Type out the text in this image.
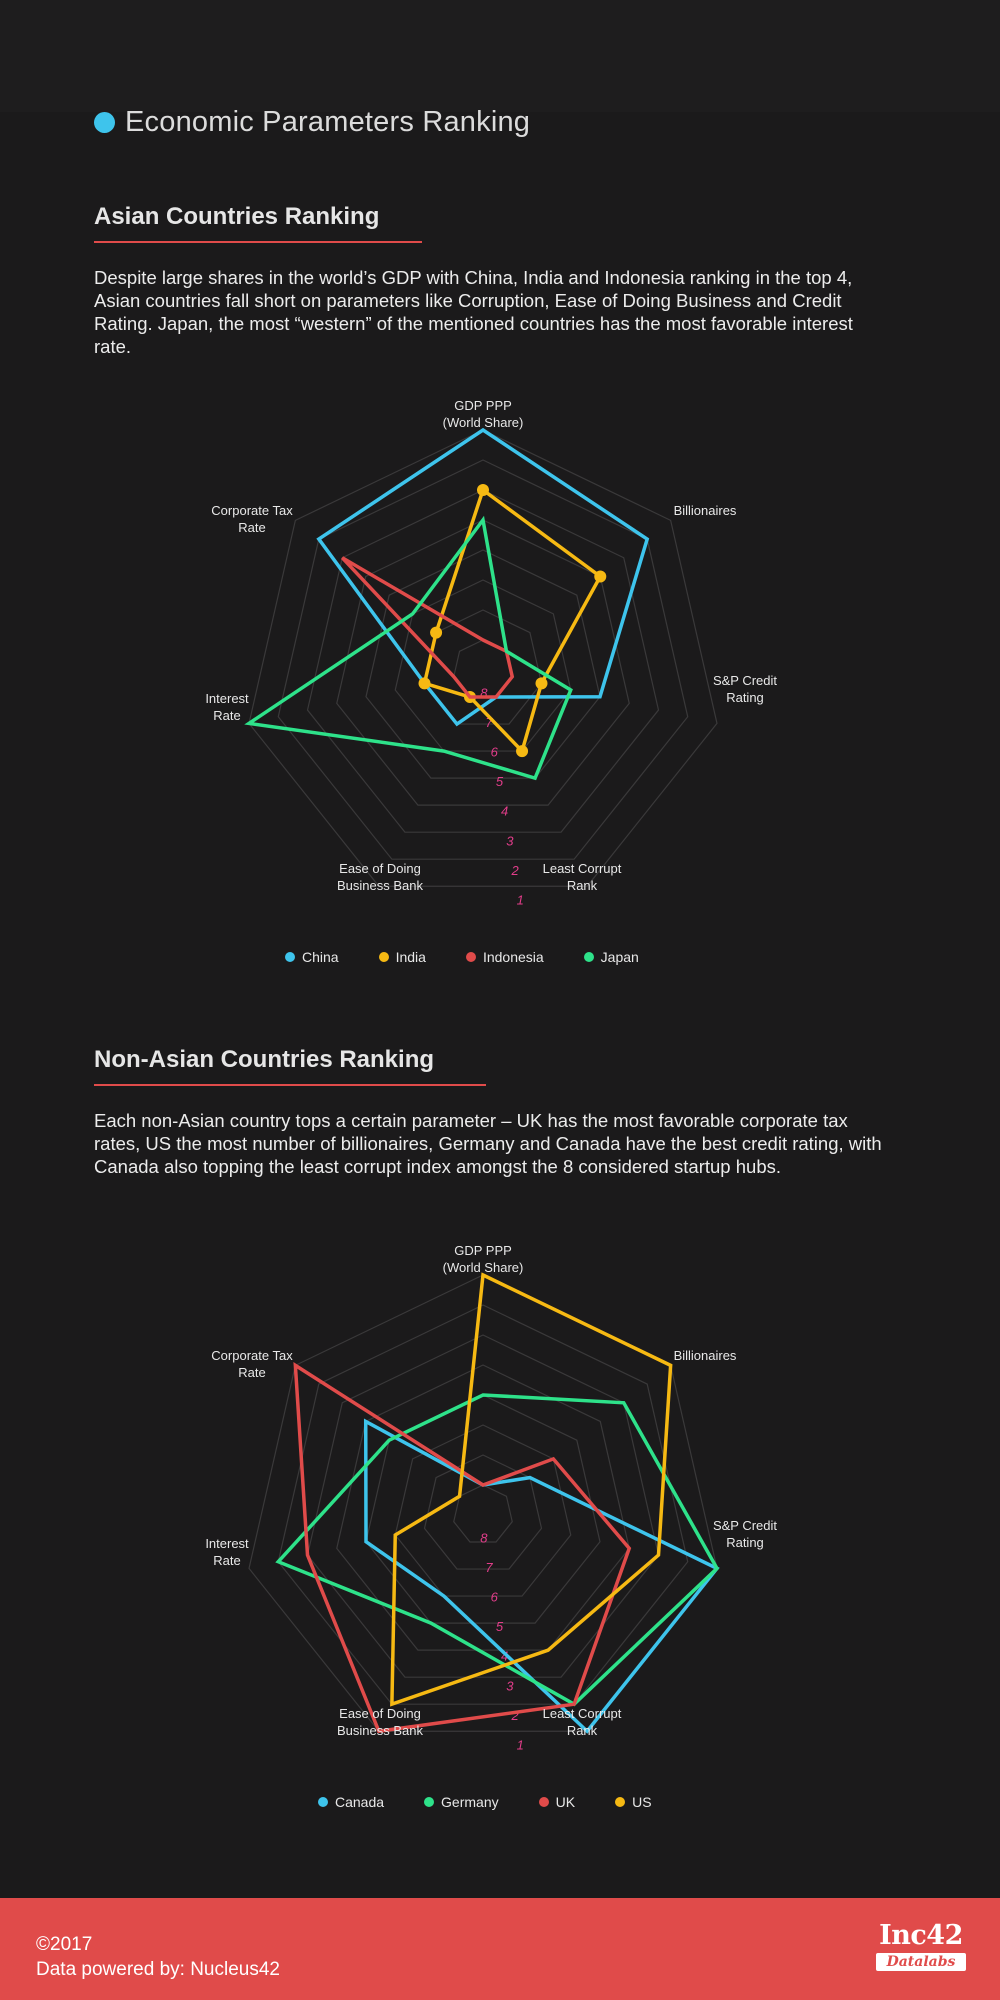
Economic Parameters Ranking
Asian Countries Ranking
Despite large shares in the world’s GDP with China, India and Indonesia ranking in the top 4, Asian countries fall short on parameters like Corruption, Ease of Doing Business and Credit Rating. Japan, the most “western” of the mentioned countries has the most favorable interest rate.
8
7
6
5
4
3
2
1
GDP PPP (World Share)
Billionaires
S&P Credit Rating
Least Corrupt Rank
Ease of Doing Business Bank
Interest Rate
Corporate Tax Rate
China	India	Indonesia	Japan
Non-Asian Countries Ranking
Each non-Asian country tops a certain parameter – UK has the most favorable corporate tax rates, US the most number of billionaires, Germany and Canada have the best credit rating, with Canada also topping the least corrupt index amongst the 8 considered startup hubs.
8
7
6
5
4
3
2
1
GDP PPP (World Share)
Billionaires
S&P Credit Rating
Least Corrupt Rank
Ease of Doing Business Bank
Interest Rate
Corporate Tax Rate
Canada	Germany	UK	US
©2017
Data powered by: Nucleus42
Inc42
Datalabs
